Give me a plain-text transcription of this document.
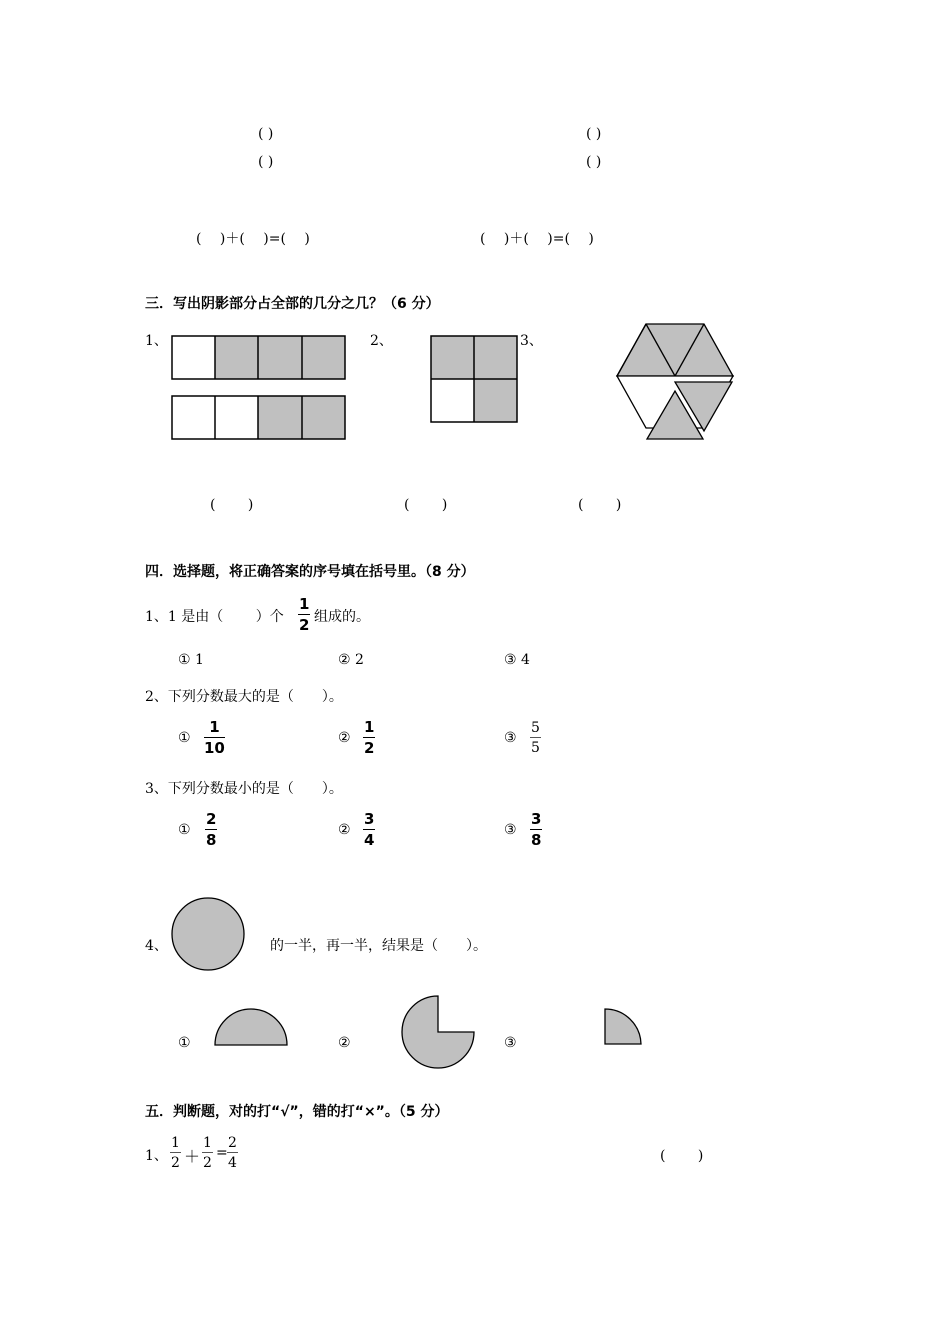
( )	( )
( )	( )
(　 )＋(　 )=(　 )	(　 )＋(　 )=(　 )
三．写出阴影部分占全部的几分之几？（6 分）
1、	2、	3、
(　　 )	(　　 )	(　　 )
四．选择题，将正确答案的序号填在括号里。（8 分）
1、1 是由（　　 ）个
1
2 组成的。
① 1	② 2	③ 4
2、下列分数最大的是（　　）。
①
1
10
②
1
2
③
5
5
3、下列分数最小的是（　　）。
①
2
8
②
3
4
③
3
8
4、	的一半，再一半，结果是（　　）。
①	②	③
五．判断题，对的打“√”，错的打“×”。（5 分）
1、
1
2 ＋
1
2
=
2
4	(　　 )
